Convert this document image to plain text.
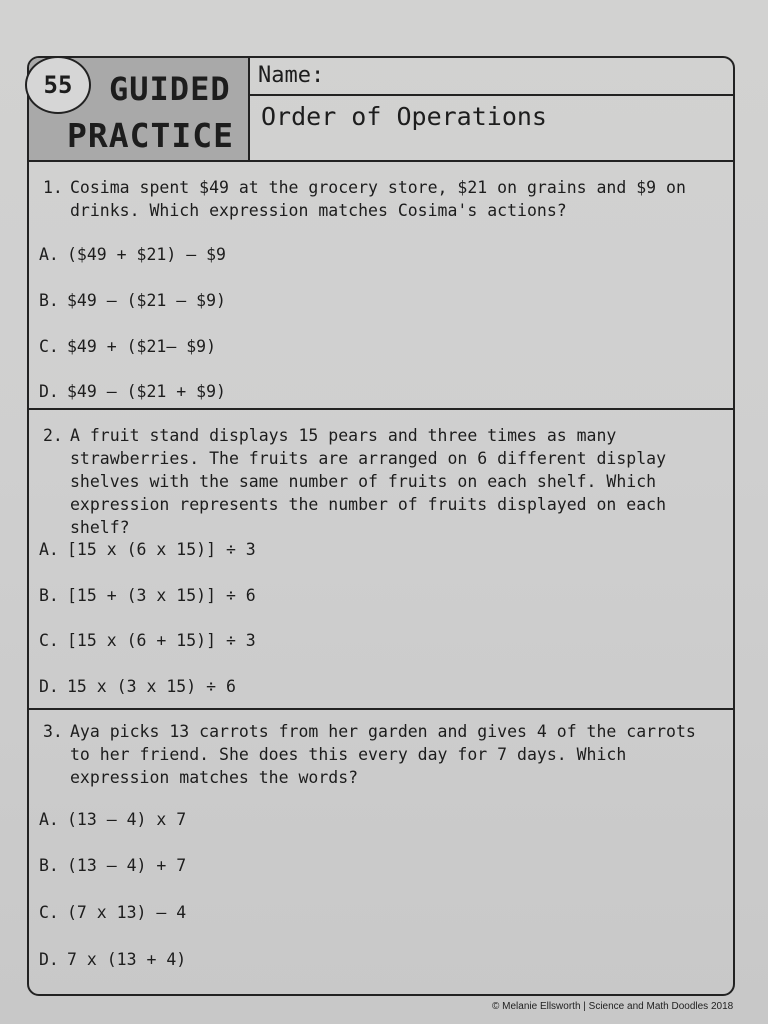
55	GUIDED
PRACTICE
Name:
Order of Operations
1. Cosima spent $49 at the grocery store, $21 on grains and $9 on drinks. Which expression matches Cosima's actions?
A. ($49 + $21) – $9
B. $49 – ($21 – $9)
C. $49 + ($21– $9)
D. $49 – ($21 + $9)
2. A fruit stand displays 15 pears and three times as many strawberries. The fruits are arranged on 6 different display shelves with the same number of fruits on each shelf. Which expression represents the number of fruits displayed on each shelf?
A. [15 x (6 x 15)] ÷ 3
B. [15 + (3 x 15)] ÷ 6
C. [15 x (6 + 15)] ÷ 3
D. 15 x (3 x 15) ÷ 6
3. Aya picks 13 carrots from her garden and gives 4 of the carrots to her friend. She does this every day for 7 days. Which expression matches the words?
A. (13 – 4) x 7
B. (13 – 4) + 7
C. (7 x 13) – 4
D. 7 x (13 + 4)
© Melanie Ellsworth | Science and Math Doodles 2018
